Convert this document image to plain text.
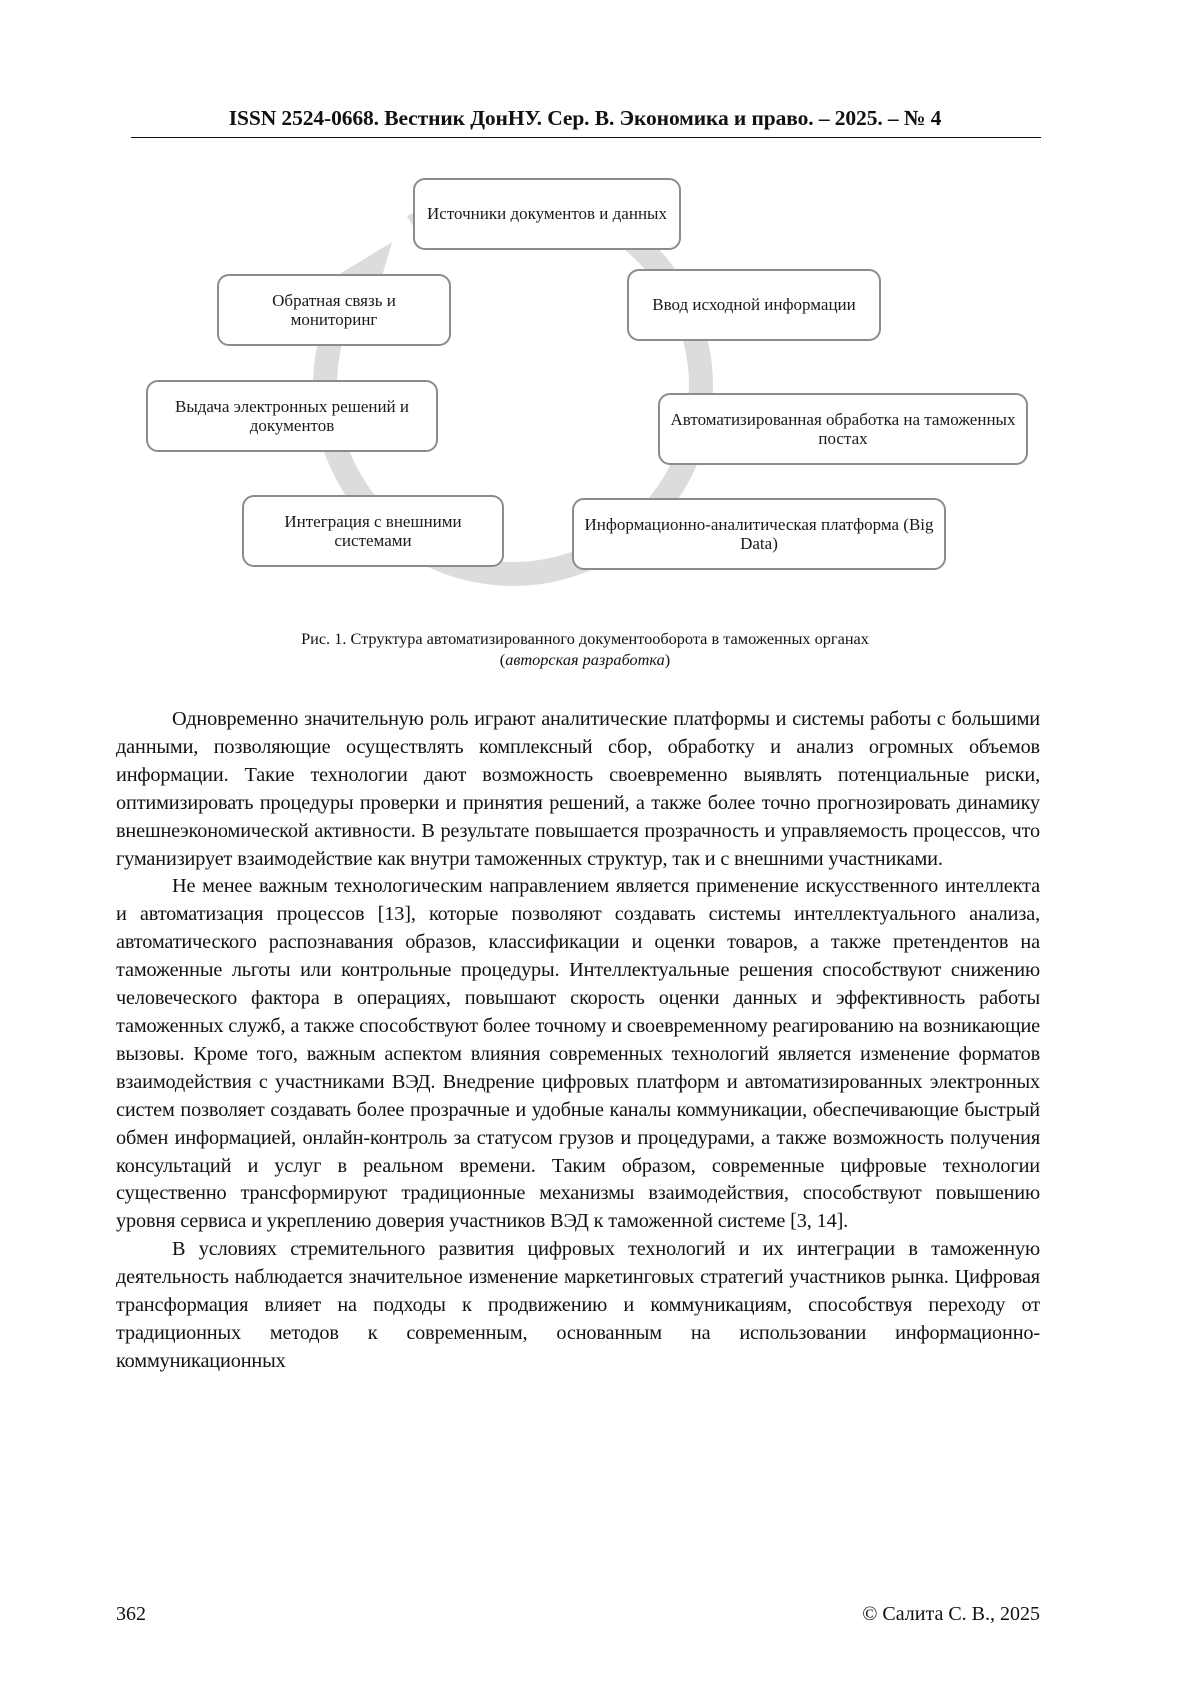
ISSN 2524-0668. Вестник ДонНУ. Сер. В. Экономика и право. – 2025. – № 4
Источники документов и данных
Ввод исходной информации
Автоматизированная обработка на таможенных постах
Информационно-аналитическая платформа (Big Data)
Интеграция с внешними системами
Выдача электронных решений и документов
Обратная связь и мониторинг
Рис. 1. Структура автоматизированного документооборота в таможенных органах
(авторская разработка)

Одновременно значительную роль играют аналитические платформы и системы работы с большими данными, позволяющие осуществлять комплексный сбор, обработку и анализ огромных объемов информации. Такие технологии дают возможность своевременно выявлять потенциальные риски, оптимизировать процедуры проверки и принятия решений, а также более точно прогнозировать динамику внешнеэкономической активности. В результате повышается прозрачность и управляемость процессов, что гуманизирует взаимодействие как внутри таможенных структур, так и с внешними участниками.

Не менее важным технологическим направлением является применение искусственного интеллекта и автоматизация процессов [13], которые позволяют создавать системы интеллектуального анализа, автоматического распознавания образов, классификации и оценки товаров, а также претендентов на таможенные льготы или контрольные процедуры. Интеллектуальные решения способствуют снижению человеческого фактора в операциях, повышают скорость оценки данных и эффективность работы таможенных служб, а также способствуют более точному и своевременному реагированию на возникающие вызовы. Кроме того, важным аспектом влияния современных технологий является изменение форматов взаимодействия с участниками ВЭД. Внедрение цифровых платформ и автоматизированных электронных систем позволяет создавать более прозрачные и удобные каналы коммуникации, обеспечивающие быстрый обмен информацией, онлайн-контроль за статусом грузов и процедурами, а также возможность получения консультаций и услуг в реальном времени. Таким образом, современные цифровые технологии существенно трансформируют традиционные механизмы взаимодействия, способствуют повышению уровня сервиса и укреплению доверия участников ВЭД к таможенной системе [3, 14].

В условиях стремительного развития цифровых технологий и их интеграции в таможенную деятельность наблюдается значительное изменение маркетинговых стратегий участников рынка. Цифровая трансформация влияет на подходы к продвижению и коммуникациям, способствуя переходу от традиционных методов к современным, основанным на использовании информационно-коммуникационных

362	© Салита С. В., 2025
